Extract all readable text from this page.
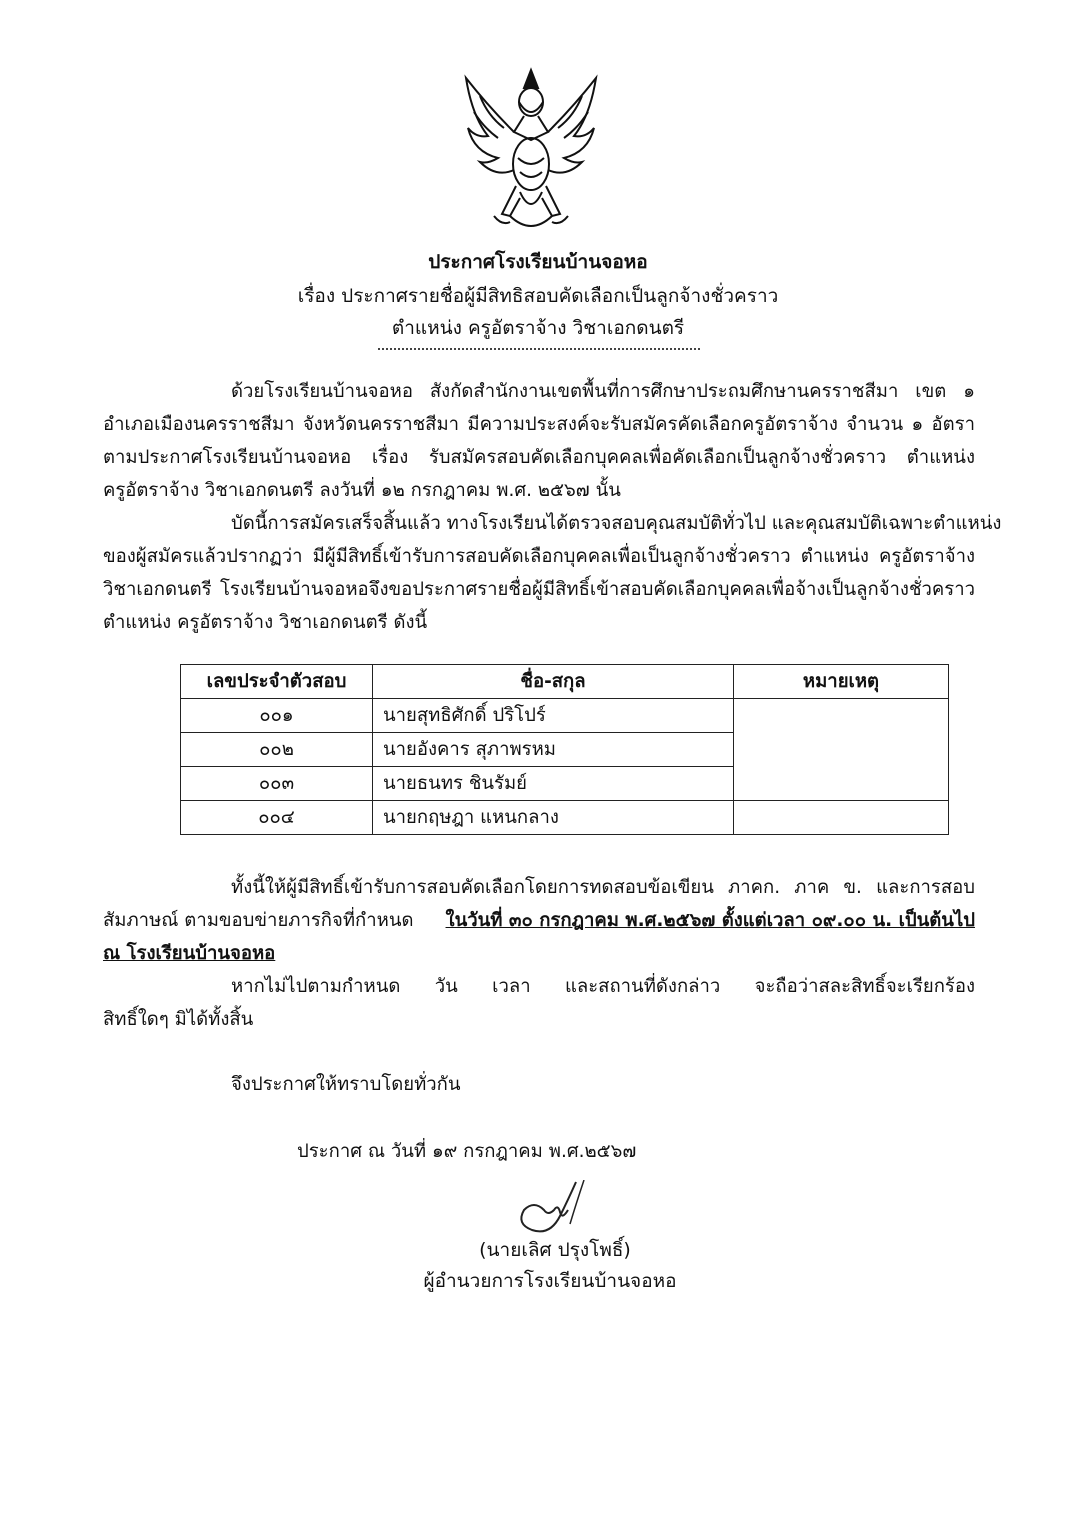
ประกาศโรงเรียนบ้านจอหอ
เรื่อง ประกาศรายชื่อผู้มีสิทธิสอบคัดเลือกเป็นลูกจ้างชั่วคราว
ตำแหน่ง ครูอัตราจ้าง วิชาเอกดนตรี
ด้วยโรงเรียนบ้านจอหอ สังกัดสำนักงานเขตพื้นที่การศึกษาประถมศึกษานครราชสีมา เขต ๑
อำเภอเมืองนครราชสีมา จังหวัดนครราชสีมา มีความประสงค์จะรับสมัครคัดเลือกครูอัตราจ้าง จำนวน ๑ อัตรา
ตามประกาศโรงเรียนบ้านจอหอ เรื่อง รับสมัครสอบคัดเลือกบุคคลเพื่อคัดเลือกเป็นลูกจ้างชั่วคราว ตำแหน่ง
ครูอัตราจ้าง วิชาเอกดนตรี ลงวันที่ ๑๒ กรกฎาคม พ.ศ. ๒๕๖๗ นั้น
บัดนี้การสมัครเสร็จสิ้นแล้ว ทางโรงเรียนได้ตรวจสอบคุณสมบัติทั่วไป และคุณสมบัติเฉพาะตำแหน่ง
ของผู้สมัครแล้วปรากฏว่า มีผู้มีสิทธิ์เข้ารับการสอบคัดเลือกบุคคลเพื่อเป็นลูกจ้างชั่วคราว ตำแหน่ง ครูอัตราจ้าง
วิชาเอกดนตรี โรงเรียนบ้านจอหอจึงขอประกาศรายชื่อผู้มีสิทธิ์เข้าสอบคัดเลือกบุคคลเพื่อจ้างเป็นลูกจ้างชั่วคราว
ตำแหน่ง ครูอัตราจ้าง วิชาเอกดนตรี ดังนี้
เลขประจำตัวสอบ	ชื่อ-สกุล	หมายเหตุ
๐๐๑	นายสุทธิศักดิ์ ปริโปร์	
๐๐๒	นายอังคาร สุภาพรหม	
๐๐๓	นายธนทร ชินรัมย์	
๐๐๔	นายกฤษฎา แหนกลาง	
ทั้งนี้ให้ผู้มีสิทธิ์เข้ารับการสอบคัดเลือกโดยการทดสอบข้อเขียน ภาคก. ภาค ข. และการสอบ
สัมภาษณ์ ตามขอบข่ายภารกิจที่กำหนด ในวันที่ ๓๐ กรกฎาคม พ.ศ.๒๕๖๗ ตั้งแต่เวลา ๐๙.๐๐ น. เป็นต้นไป
ณ โรงเรียนบ้านจอหอ
หากไม่ไปตามกำหนด วัน เวลา และสถานที่ดังกล่าว จะถือว่าสละสิทธิ์จะเรียกร้อง
สิทธิ์ใดๆ มิได้ทั้งสิ้น
จึงประกาศให้ทราบโดยทั่วกัน
ประกาศ ณ วันที่ ๑๙ กรกฎาคม พ.ศ.๒๕๖๗
(นายเลิศ ปรุงโพธิ์)
ผู้อำนวยการโรงเรียนบ้านจอหอ
